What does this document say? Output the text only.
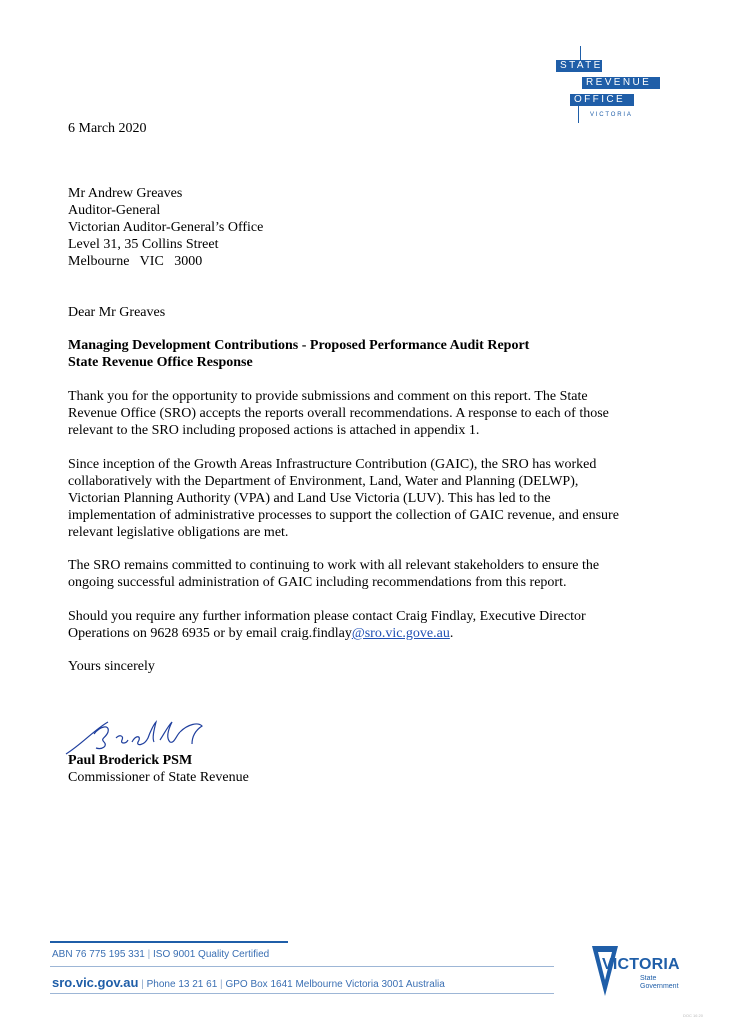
STATE
REVENUE
OFFICE
VICTORIA
6 March 2020
Mr Andrew Greaves
Auditor-General
Victorian Auditor-General’s Office
Level 31, 35 Collins Street
Melbourne   VIC   3000
Dear Mr Greaves
Managing Development Contributions - Proposed Performance Audit Report
State Revenue Office Response
Thank you for the opportunity to provide submissions and comment on this report. The State
Revenue Office (SRO) accepts the reports overall recommendations. A response to each of those
relevant to the SRO including proposed actions is attached in appendix 1.
Since inception of the Growth Areas Infrastructure Contribution (GAIC), the SRO has worked
collaboratively with the Department of Environment, Land, Water and Planning (DELWP),
Victorian Planning Authority (VPA) and Land Use Victoria (LUV). This has led to the
implementation of administrative processes to support the collection of GAIC revenue, and ensure
relevant legislative obligations are met.
The SRO remains committed to continuing to work with all relevant stakeholders to ensure the
ongoing successful administration of GAIC including recommendations from this report.
Should you require any further information please contact Craig Findlay, Executive Director
Operations on 9628 6935 or by email craig.findlay@sro.vic.gove.au.
Yours sincerely
Paul Broderick PSM
Commissioner of State Revenue
ABN 76 775 195 331 | ISO 9001 Quality Certified
sro.vic.gov.au | Phone 13 21 61 | GPO Box 1641 Melbourne Victoria 3001 Australia
VICTORIA
State
Government
DOC 16 20
